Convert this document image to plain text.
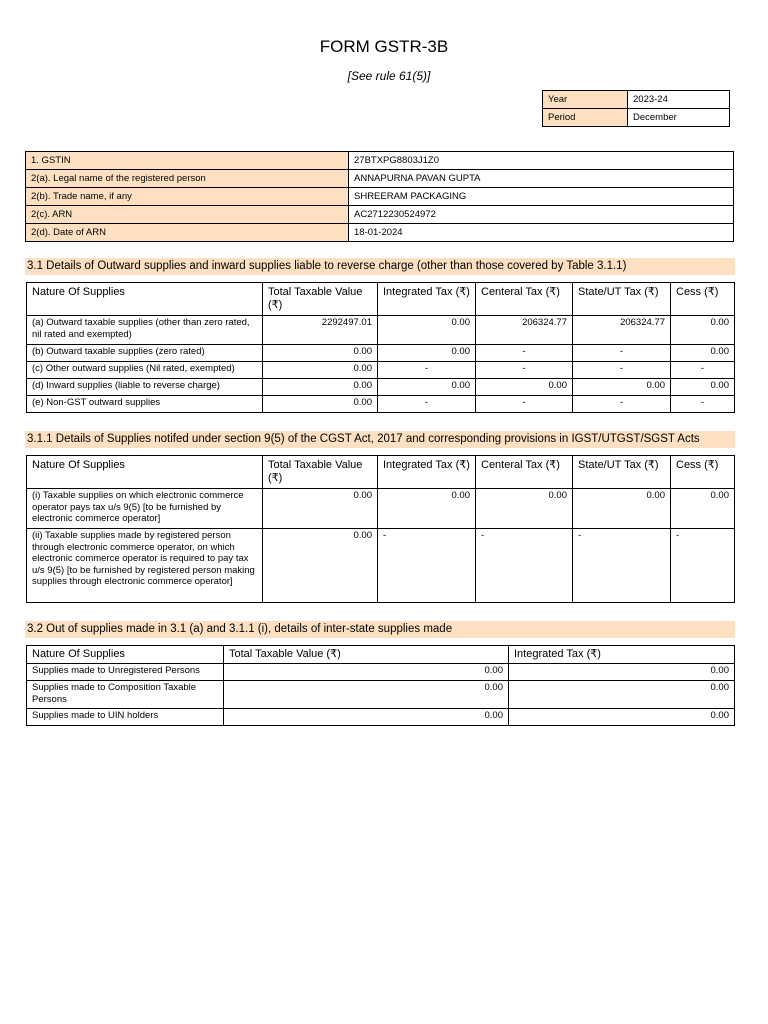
FORM GSTR-3B
[See rule 61(5)]
Year	2023-24
Period	December
1. GSTIN	27BTXPG8803J1Z0
2(a). Legal name of the registered person	ANNAPURNA PAVAN GUPTA
2(b). Trade name, if any	SHREERAM PACKAGING
2(c). ARN	AC2712230524972
2(d). Date of ARN	18-01-2024
3.1 Details of Outward supplies and inward supplies liable to reverse charge (other than those covered by Table 3.1.1)
Nature Of Supplies	Total Taxable Value (₹)	Integrated Tax (₹)	Centeral Tax (₹)	State/UT Tax (₹)	Cess (₹)
(a) Outward taxable supplies (other than zero rated, nil rated and exempted)	2292497.01	0.00	206324.77	206324.77	0.00
(b) Outward taxable supplies (zero rated)	0.00	0.00	-	-	0.00
(c) Other outward supplies (Nil rated, exempted)	0.00	-	-	-	-
(d) Inward supplies (liable to reverse charge)	0.00	0.00	0.00	0.00	0.00
(e) Non-GST outward supplies	0.00	-	-	-	-
3.1.1 Details of Supplies notifed under section 9(5) of the CGST Act, 2017 and corresponding provisions in IGST/UTGST/SGST Acts
Nature Of Supplies	Total Taxable Value (₹)	Integrated Tax (₹)	Centeral Tax (₹)	State/UT Tax (₹)	Cess (₹)
(i) Taxable supplies on which electronic commerce operator pays tax u/s 9(5) [to be furnished by electronic commerce operator]	0.00	0.00	0.00	0.00	0.00
(ii) Taxable supplies made by registered person through electronic commerce operator, on which electronic commerce operator is required to pay tax u/s 9(5) [to be furnished by registered person making supplies through electronic commerce operator]	0.00	-	-	-	-
3.2 Out of supplies made in 3.1 (a) and 3.1.1 (i), details of inter-state supplies made
Nature Of Supplies	Total Taxable Value (₹)	Integrated Tax (₹)
Supplies made to Unregistered Persons	0.00	0.00
Supplies made to Composition Taxable Persons	0.00	0.00
Supplies made to UIN holders	0.00	0.00
